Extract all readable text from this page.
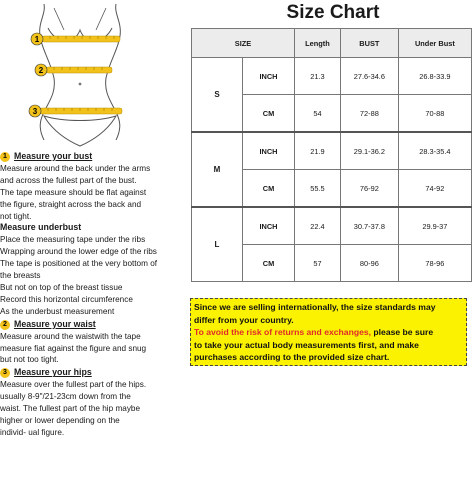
1
2
3
1 Measure your bust
Measure around the back under the arms
and across the fullest part of the bust.
The tape measure should be flat against
the figure, straight across the back and
not tight.
Measure underbust
Place the measuring tape under the ribs
Wrapping around the lower edge of the ribs
The tape is positioned at the very bottom of
the breasts
But not on top of the breast tissue
Record this horizontal circumference
As the underbust measurement
2 Measure your waist
Measure around the waistwith the tape
measure fiat against the figure and snug
but not too tight.
3 Measure your hips
Measure over the fullest part of the hips.
usually 8-9"/21-23cm down from the
waist. The fullest part of the hip maybe
higher or lower depending on the
individ- ual figure.
Size Chart
SIZE		Length	BUST	Under Bust
S	INCH	21.3	27.6-34.6	26.8-33.9
	CM	54	72-88	70-88
M	INCH	21.9	29.1-36.2	28.3-35.4
	CM	55.5	76-92	74-92
L	INCH	22.4	30.7-37.8	29.9-37
	CM	57	80-96	78-96
Since we are selling internationally, the size standards may
differ from your country.
To avoid the risk of returns and exchanges, please be sure
to take your actual body measurements first, and make
purchases according to the provided size chart.
